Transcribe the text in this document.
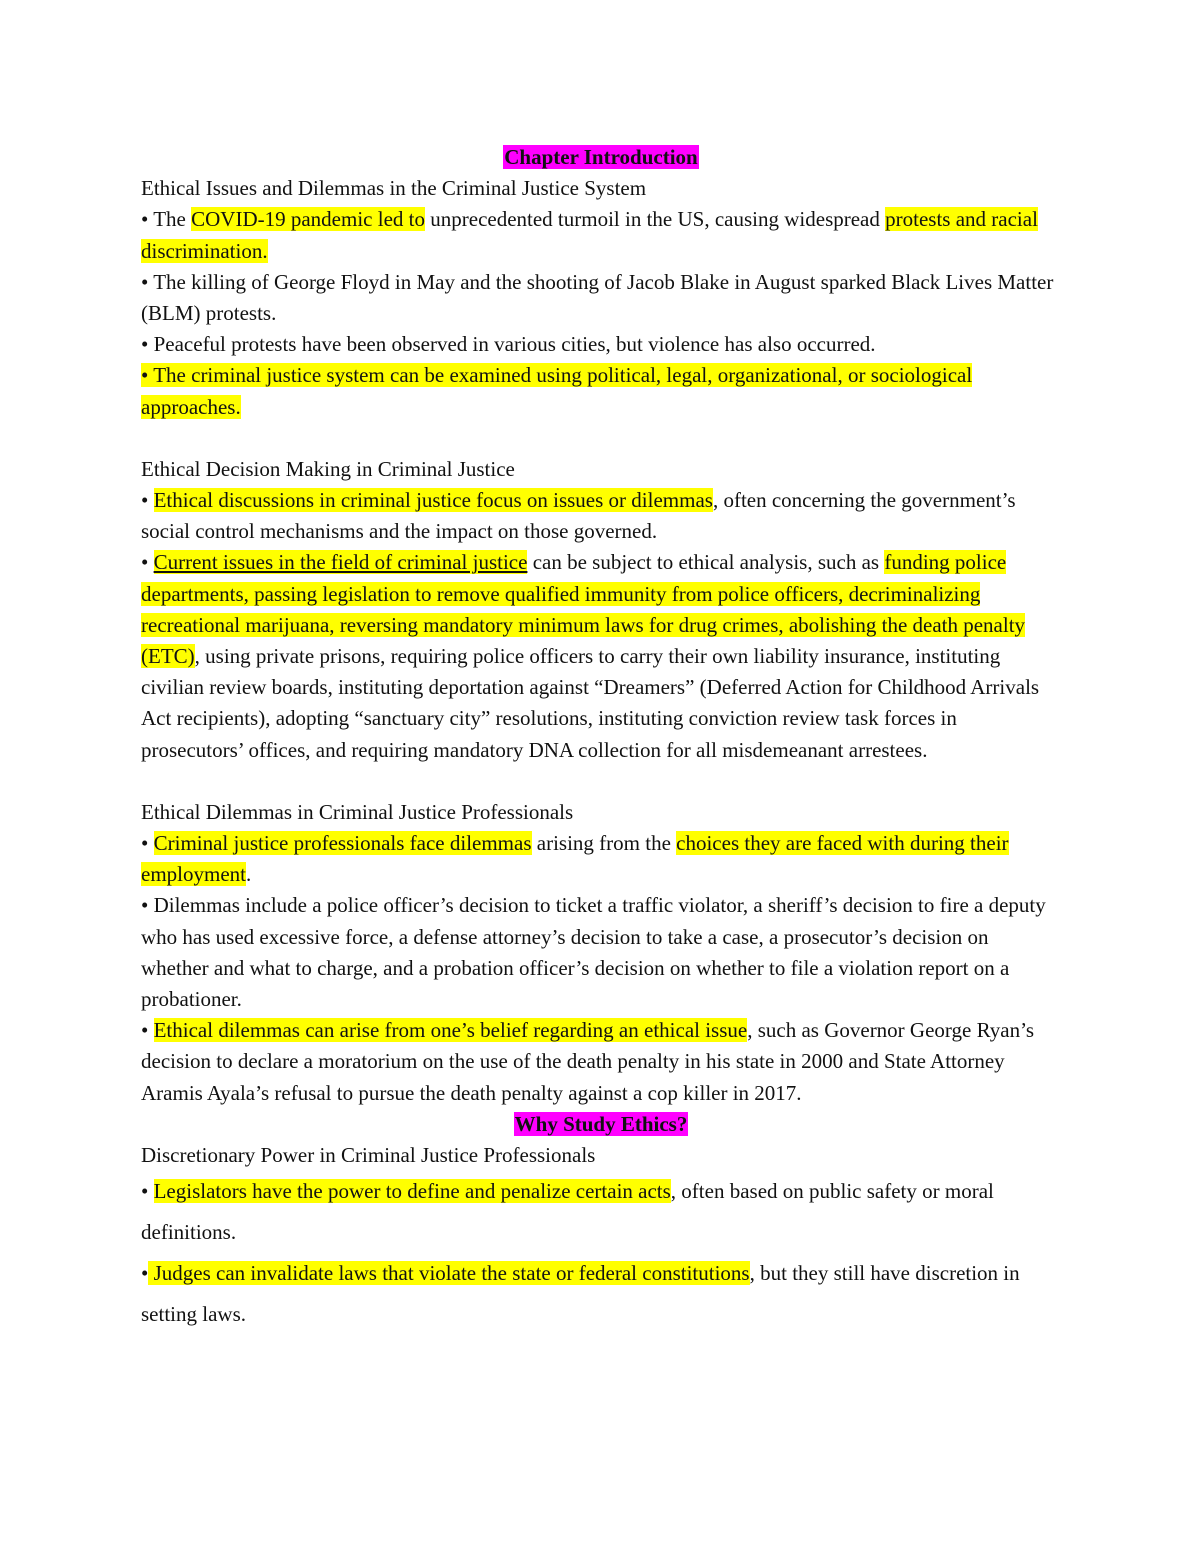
Chapter Introduction

Ethical Issues and Dilemmas in the Criminal Justice System

• The COVID-19 pandemic led to unprecedented turmoil in the US, causing widespread protests and racial discrimination.

• The killing of George Floyd in May and the shooting of Jacob Blake in August sparked Black Lives Matter (BLM) protests.

• Peaceful protests have been observed in various cities, but violence has also occurred.

• The criminal justice system can be examined using political, legal, organizational, or sociological approaches.

Ethical Decision Making in Criminal Justice

• Ethical discussions in criminal justice focus on issues or dilemmas, often concerning the government’s social control mechanisms and the impact on those governed.

• Current issues in the field of criminal justice can be subject to ethical analysis, such as funding police departments, passing legislation to remove qualified immunity from police officers, decriminalizing recreational marijuana, reversing mandatory minimum laws for drug crimes, abolishing the death penalty (ETC), using private prisons, requiring police officers to carry their own liability insurance, instituting civilian review boards, instituting deportation against “Dreamers” (Deferred Action for Childhood Arrivals Act recipients), adopting “sanctuary city” resolutions, instituting conviction review task forces in prosecutors’ offices, and requiring mandatory DNA collection for all misdemeanant arrestees.

Ethical Dilemmas in Criminal Justice Professionals

• Criminal justice professionals face dilemmas arising from the choices they are faced with during their employment.

• Dilemmas include a police officer’s decision to ticket a traffic violator, a sheriff’s decision to fire a deputy who has used excessive force, a defense attorney’s decision to take a case, a prosecutor’s decision on whether and what to charge, and a probation officer’s decision on whether to file a violation report on a probationer.

• Ethical dilemmas can arise from one’s belief regarding an ethical issue, such as Governor George Ryan’s decision to declare a moratorium on the use of the death penalty in his state in 2000 and State Attorney Aramis Ayala’s refusal to pursue the death penalty against a cop killer in 2017.

Why Study Ethics?

Discretionary Power in Criminal Justice Professionals

• Legislators have the power to define and penalize certain acts, often based on public safety or moral definitions.

• Judges can invalidate laws that violate the state or federal constitutions, but they still have discretion in setting laws.
